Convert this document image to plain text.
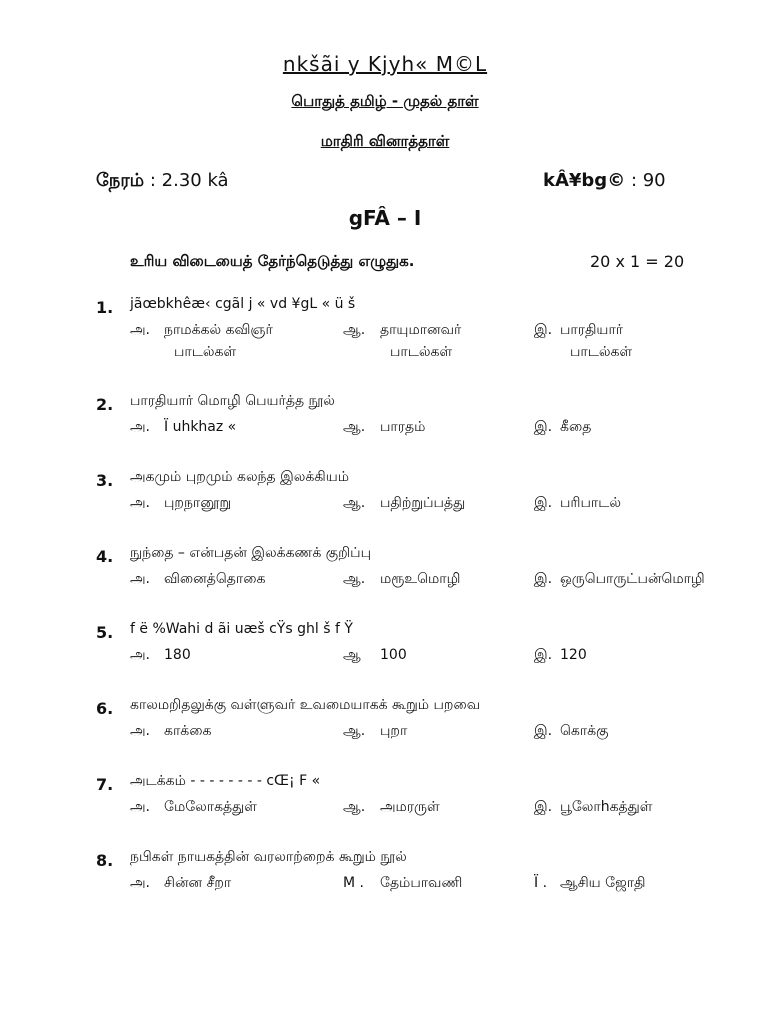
nkšãi y Kjyh« M©L
பொதுத் தமிழ் - முதல் தாள்
மாதிரி வினாத்தாள்
நேரம் : 2.30 kâ	kÂ¥bg© : 90
gFÂ – I
உரிய விடையைத் தேர்ந்தெடுத்து எழுதுக.	20 x 1 = 20
1. jãœbkhêæ‹ cgãl j « vd ¥gL « ü š
அ. நாமக்கல் கவிஞர்
பாடல்கள்
ஆ. தாயுமானவர்
பாடல்கள்
இ. பாரதியார்
பாடல்கள்
2. பாரதியார் மொழி பெயர்த்த நூல்
அ. Ï uhkhaz «	ஆ. பாரதம்	இ. கீதை
3. அகமும் புறமும் கலந்த இலக்கியம்
அ. புறநானூறு	ஆ. பதிற்றுப்பத்து	இ. பரிபாடல்
4. நுந்தை – என்பதன் இலக்கணக் குறிப்பு
அ. வினைத்தொகை	ஆ. மரூஉமொழி	இ. ஒருபொருட்பன்மொழி
5. f ë %Wahi d ãi uæš cŸs ghl š f Ÿ
அ. 180	ஆ 100	இ. 120
6. காலமறிதலுக்கு வள்ளுவர் உவமையாகக் கூறும் பறவை
அ. காக்கை	ஆ. புறா	இ. கொக்கு
7. அடக்கம் - - - - - - - - cŒ¡ F «
அ. மேலோகத்துள்	ஆ. அமரருள்	இ. பூலோhகத்துள்
8. நபிகள் நாயகத்தின் வரலாற்றைக் கூறும் நூல்
அ. சின்ன சீறா	M . தேம்பாவணி	Ï . ஆசிய ஜோதி
